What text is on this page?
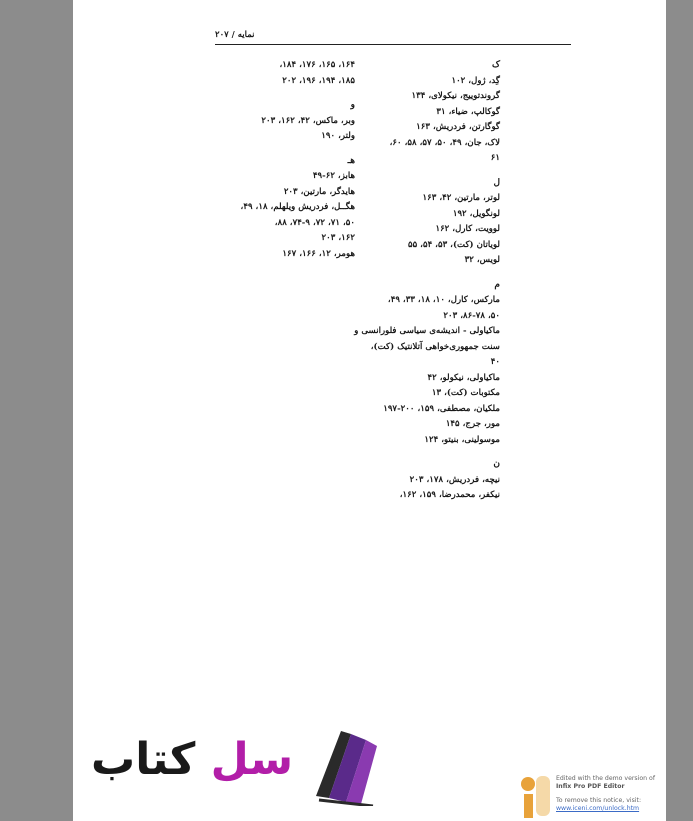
نمایه / ۲۰۷
ک
گِد، ژول، ۱۰۲
گروندتوییج، نیکولای، ۱۳۴
گوکالپ، ضیاء، ۳۱
گوگارتن، فردریش، ۱۶۳
لاک، جان، ۴۹، ۵۰، ۵۷، ۵۸، ۶۰،
۶۱
ل
لوتر، مارتین، ۴۲، ۱۶۳
لونگویل، ۱۹۲
لوویت، کارل، ۱۶۲
لویاتان (کت)، ۵۳، ۵۴، ۵۵
لویس، ۳۲
م
مارکس، کارل، ۱۰، ۱۸، ۳۳، ۴۹،
۵۰، ۸۶-۷۸، ۲۰۳
ماکیاولی - اندیشه‌ی سیاسی فلورانسی و
سنت جمهوری‌خواهی آتلانتیک (کت)،
۴۰
ماکیاولی، نیکولو، ۴۲
مکتوبات (کت)، ۱۳
ملکیان، مصطفی، ۱۵۹، ۲۰۰-۱۹۷
مور، جرج، ۱۴۵
موسولینی، بنیتو، ۱۲۴
ن
نیچه، فردریش، ۱۷۸، ۲۰۳
نیکفر، محمدرضا، ۱۵۹، ۱۶۲،
۱۶۴، ۱۶۵، ۱۷۶، ۱۸۴،
۱۸۵، ۱۹۴، ۱۹۶، ۲۰۲
و
وبر، ماکس، ۴۲، ۱۶۲، ۲۰۳
ولتر، ۱۹۰
هـ
هابز، ۶۲-۴۹
هایدگر، مارتین، ۲۰۳
هگــل، فردریش ویلهلم، ۱۸، ۴۹،
۵۰، ۷۱، ۷۲، ۷۴-۹، ۸۸،
۱۶۲، ۲۰۳
هومر، ۱۲، ۱۶۶، ۱۶۷
سل کتاب	Edited with the demo version of
Infix Pro PDF Editor
To remove this notice, visit:
www.iceni.com/unlock.htm
